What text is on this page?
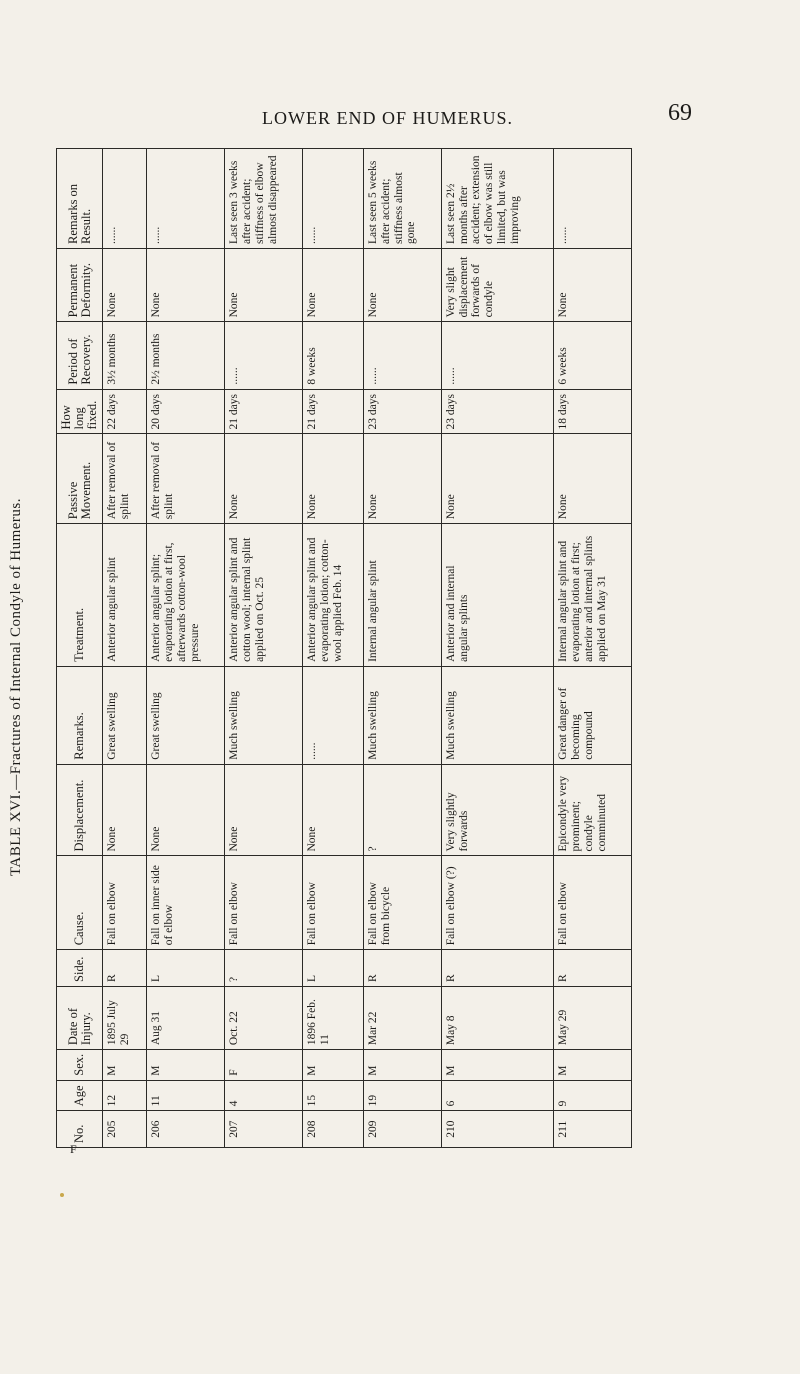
TABLE XVI.—Fractures of Internal Condyle of Humerus.
LOWER END OF HUMERUS.	69
No.	Age	Sex.	Date of Injury.	Side.	Cause.	Displacement.	Remarks.	Treatment.	Passive Movement.	How long fixed.	Period of Recovery.	Permanent Deformity.	Remarks on Result.
205	12	M	1895 July 29	R	Fall on elbow	None	Great swelling	Anterior angular splint	After removal of splint	22 days	3½ months	None	......
206	11	M	Aug 31	L	Fall on inner side of elbow	None	Great swelling	Anterior angular splint; evaporating lotion at first, afterwards cotton-wool pressure	After removal of splint	20 days	2½ months	None	......
207	4	F	Oct. 22	?	Fall on elbow	None	Much swelling	Anterior angular splint and cotton wool; internal splint applied on Oct. 25	None	21 days	......	None	Last seen 3 weeks after accident; stiffness of elbow almost disappeared
208	15	M	1896 Feb. 11	L	Fall on elbow	None	......	Anterior angular splint and evaporating lotion; cotton-wool applied Feb. 14	None	21 days	8 weeks	None	......
209	19	M	Mar 22	R	Fall on elbow from bicycle	?	Much swelling	Internal angular splint	None	23 days	......	None	Last seen 5 weeks after accident; stiffness almost gone
210	6	M	May 8	R	Fall on elbow (?)	Very slightly forwards	Much swelling	Anterior and internal angular splints	None	23 days	......	Very slight displacement forwards of condyle	Last seen 2½ months after accident; extension of elbow was still limited, but was improving
211	9	M	May 29	R	Fall on elbow	Epicondyle very prominent; condyle comminuted	Great danger of becoming compound	Internal angular splint and evaporating lotion at first; anterior and internal splints applied on May 31	None	18 days	6 weeks	None	......
F
